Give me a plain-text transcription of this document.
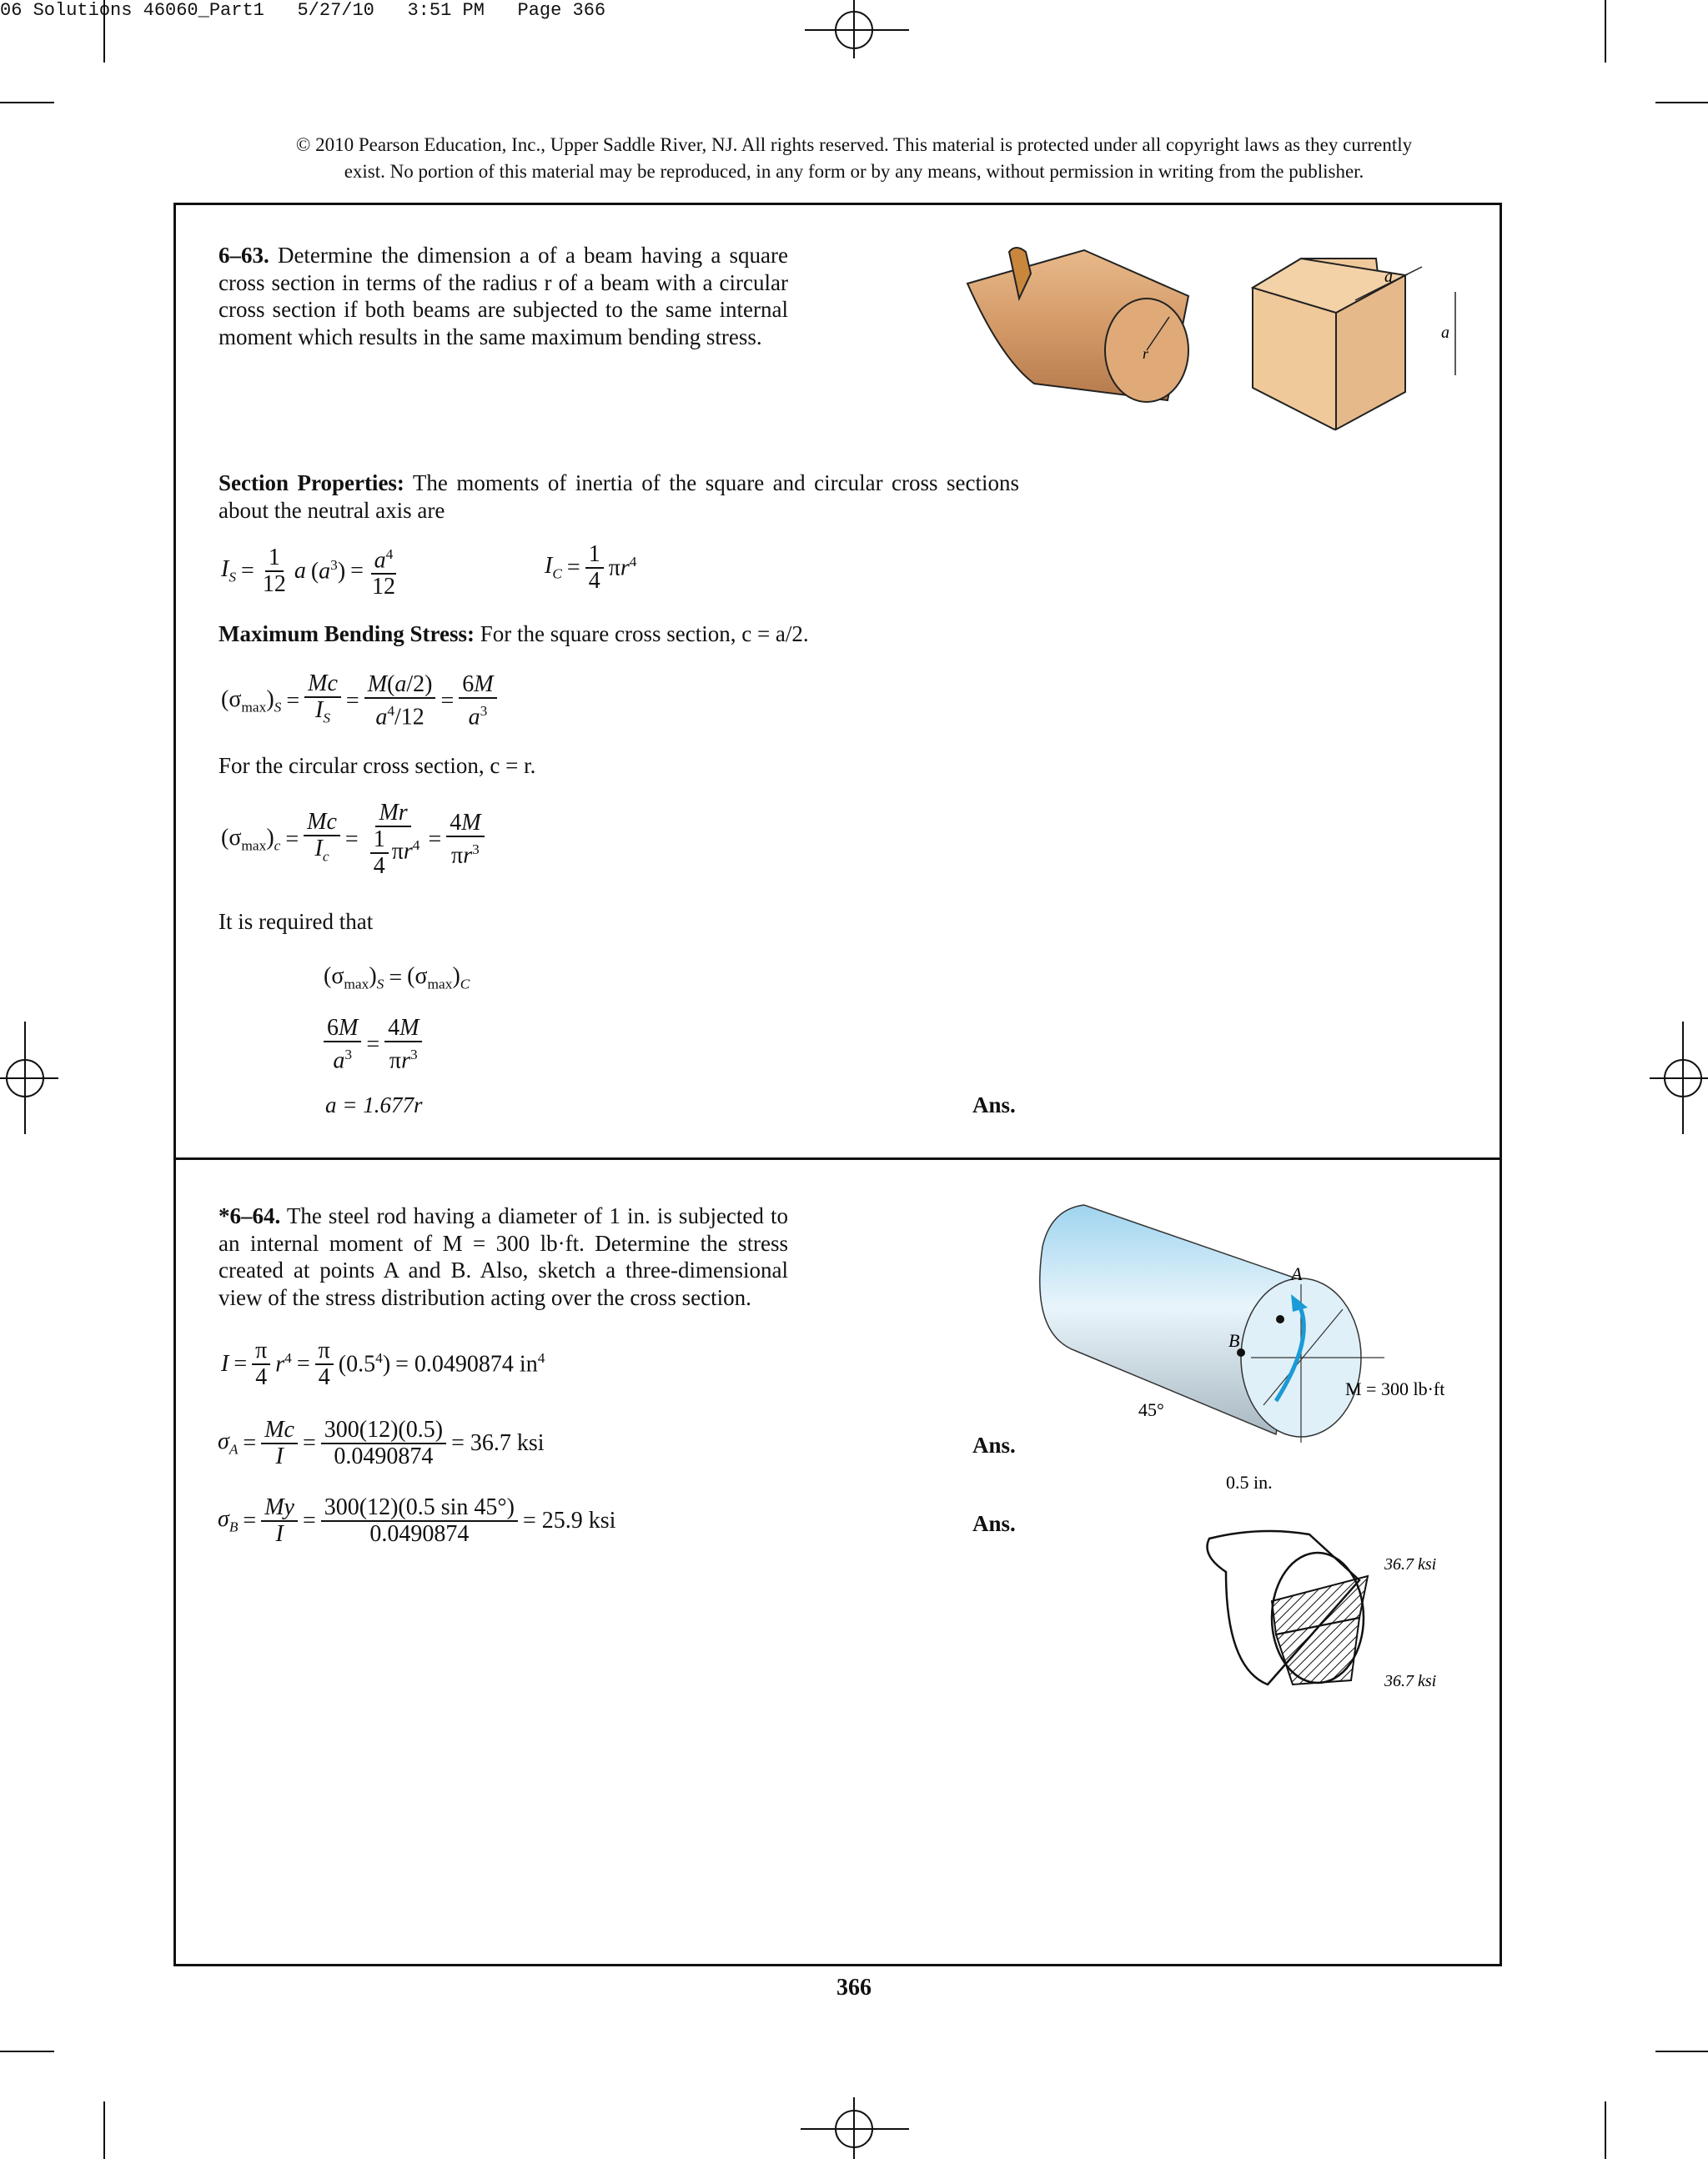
06 Solutions 46060_Part1   5/27/10   3:51 PM   Page 366
© 2010 Pearson Education, Inc., Upper Saddle River, NJ. All rights reserved. This material is protected under all copyright laws as they currently
exist. No portion of this material may be reproduced, in any form or by any means, without permission in writing from the publisher.
6–63. Determine the dimension a of a beam having a square cross section in terms of the radius r of a beam with a circular cross section if both beams are subjected to the same internal moment which results in the same maximum bending stress.
r
a
a
Section Properties: The moments of inertia of the square and circular cross sections about the neutral axis are
$I_S = \frac{1}{12}$ a $(a^3) = \frac{a^4}{12}$	$I_C = \frac{1}{4} \pi r^4$
Maximum Bending Stress: For the square cross section, c = a/2.
$(\sigma_{max})_S = \frac{Mc}{I_S} = \frac{M(a/2)}{a^4/12} = \frac{6M}{a^3}$
For the circular cross section, c = r.
$(\sigma_{max})_c = \frac{Mc}{I_c} = \frac{Mr}{\frac{1}{4} \pi r^4} = \frac{4M}{\pi r^3}$
It is required that
$(\sigma_{max})_S = (\sigma_{max})_C$
$\frac{6M}{a^3} = \frac{4M}{\pi r^3}$
a = 1.677r	Ans.
*6–64. The steel rod having a diameter of 1 in. is subjected to an internal moment of M = 300 lb·ft. Determine the stress created at points A and B. Also, sketch a three-dimensional view of the stress distribution acting over the cross section.
$I = \frac{\pi}{4} r^4 = \frac{\pi}{4} (0.5^4) = 0.0490874$ $in^4$
$\sigma_A = \frac{Mc}{I} = \frac{300(12)(0.5)}{0.0490874} = 36.7$ ksi	Ans.
$\sigma_B = \frac{My}{I} = \frac{300(12)(0.5 \sin 45^\circ)}{0.0490874} = 25.9$ ksi	Ans.
A
B
M = 300 lb·ft
45°
0.5 in.
36.7 ksi
36.7 ksi
366
